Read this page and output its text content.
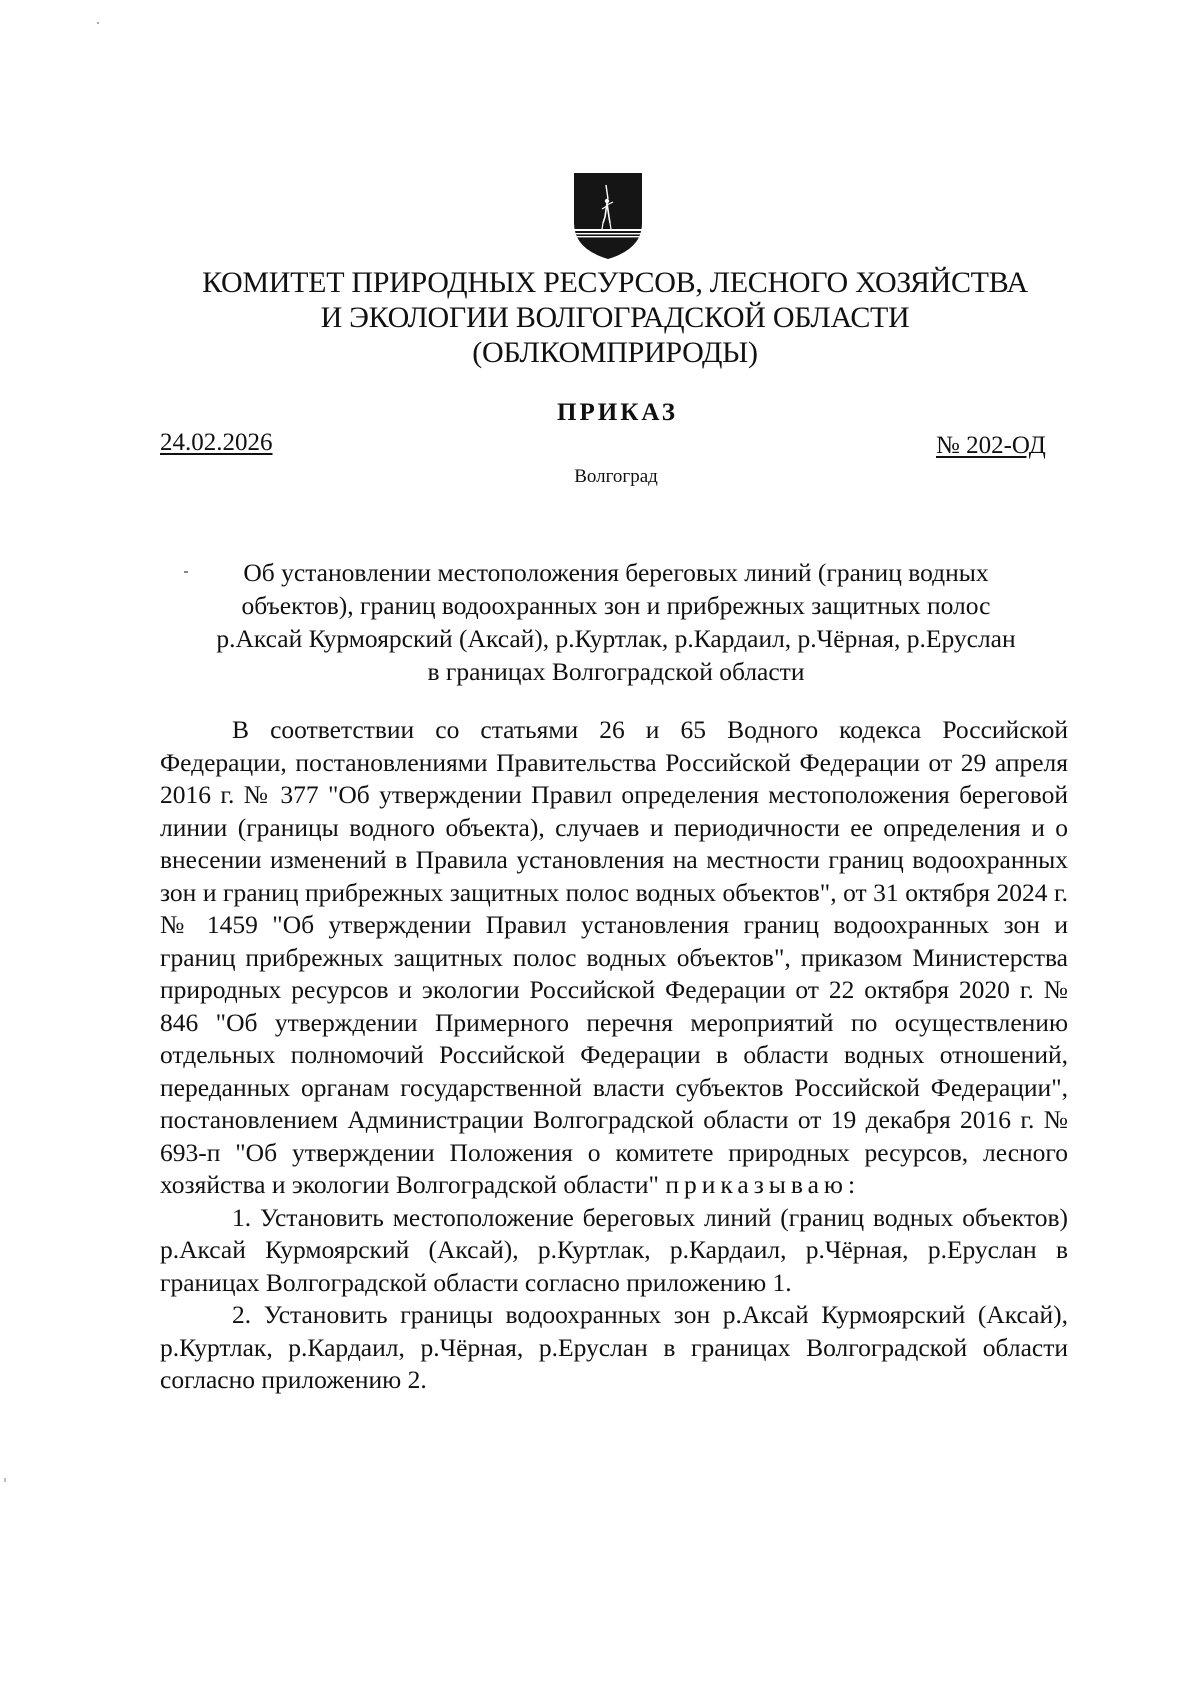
КОМИТЕТ ПРИРОДНЫХ РЕСУРСОВ, ЛЕСНОГО ХОЗЯЙСТВА
И ЭКОЛОГИИ ВОЛГОГРАДСКОЙ ОБЛАСТИ
(ОБЛКОМПРИРОДЫ)
ПРИКАЗ
24.02.2026	№ 202-ОД
Волгоград
Об установлении местоположения береговых линий (границ водных
объектов), границ водоохранных зон и прибрежных защитных полос
р.Аксай Курмоярский (Аксай), р.Куртлак, р.Кардаил, р.Чёрная, р.Еруслан
в границах Волгоградской области

В соответствии со статьями 26 и 65 Водного кодекса Российской Федерации, постановлениями Правительства Российской Федерации от 29 апреля 2016 г. № 377 "Об утверждении Правил определения местоположения береговой линии (границы водного объекта), случаев и периодичности ее определения и о внесении изменений в Правила установления на местности границ водоохранных зон и границ прибрежных защитных полос водных объектов", от 31 октября 2024 г. № 1459 "Об утверждении Правил установления границ водоохранных зон и границ прибрежных защитных полос водных объектов", приказом Министерства природных ресурсов и экологии Российской Федерации от 22 октября 2020 г. № 846 "Об утверждении Примерного перечня мероприятий по осуществлению отдельных полномочий Российской Федерации в области водных отношений, переданных органам государственной власти субъектов Российской Федерации", постановлением Администрации Волгоградской области от 19 декабря 2016 г. № 693-п "Об утверждении Положения о комитете природных ресурсов, лесного хозяйства и экологии Волгоградской области" приказываю:

1. Установить местоположение береговых линий (границ водных объектов) р.Аксай Курмоярский (Аксай), р.Куртлак, р.Кардаил, р.Чёрная, р.Еруслан в границах Волгоградской области согласно приложению 1.

2. Установить границы водоохранных зон р.Аксай Курмоярский (Аксай), р.Куртлак, р.Кардаил, р.Чёрная, р.Еруслан в границах Волгоградской области согласно приложению 2.
